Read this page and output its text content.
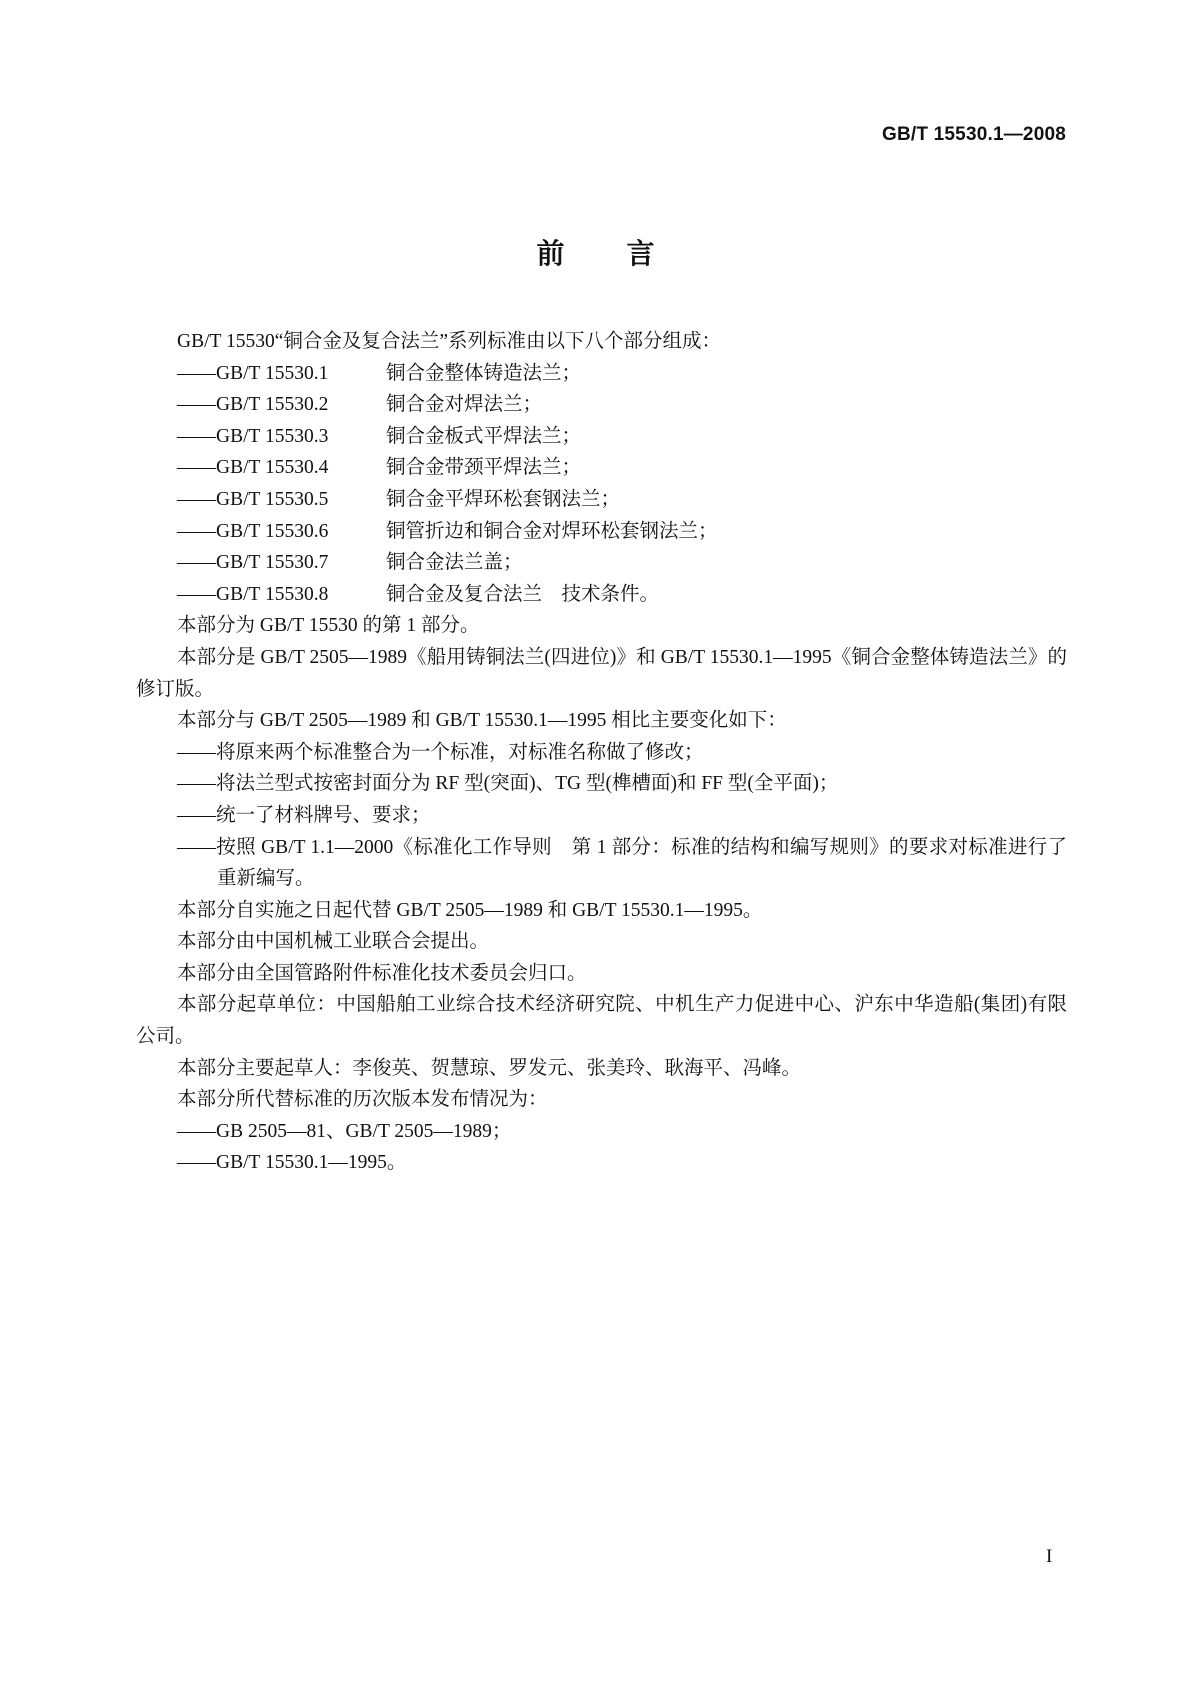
GB/T 15530.1—2008
前 言

GB/T 15530“铜合金及复合法兰”系列标准由以下八个部分组成：

——GB/T 15530.1	铜合金整体铸造法兰；

——GB/T 15530.2	铜合金对焊法兰；

——GB/T 15530.3	铜合金板式平焊法兰；

——GB/T 15530.4	铜合金带颈平焊法兰；

——GB/T 15530.5	铜合金平焊环松套钢法兰；

——GB/T 15530.6	铜管折边和铜合金对焊环松套钢法兰；

——GB/T 15530.7	铜合金法兰盖；

——GB/T 15530.8	铜合金及复合法兰　技术条件。

本部分为 GB/T 15530 的第 1 部分。

本部分是 GB/T 2505—1989《船用铸铜法兰(四进位)》和 GB/T 15530.1—1995《铜合金整体铸造法兰》的修订版。

本部分与 GB/T 2505—1989 和 GB/T 15530.1—1995 相比主要变化如下：

——将原来两个标准整合为一个标准，对标准名称做了修改；

——将法兰型式按密封面分为 RF 型(突面)、TG 型(榫槽面)和 FF 型(全平面)；

——统一了材料牌号、要求；

——按照 GB/T 1.1—2000《标准化工作导则　第 1 部分：标准的结构和编写规则》的要求对标准进行了重新编写。

本部分自实施之日起代替 GB/T 2505—1989 和 GB/T 15530.1—1995。

本部分由中国机械工业联合会提出。

本部分由全国管路附件标准化技术委员会归口。

本部分起草单位：中国船舶工业综合技术经济研究院、中机生产力促进中心、沪东中华造船(集团)有限公司。

本部分主要起草人：李俊英、贺慧琼、罗发元、张美玲、耿海平、冯峰。

本部分所代替标准的历次版本发布情况为：

——GB 2505—81、GB/T 2505—1989；

——GB/T 15530.1—1995。

I
